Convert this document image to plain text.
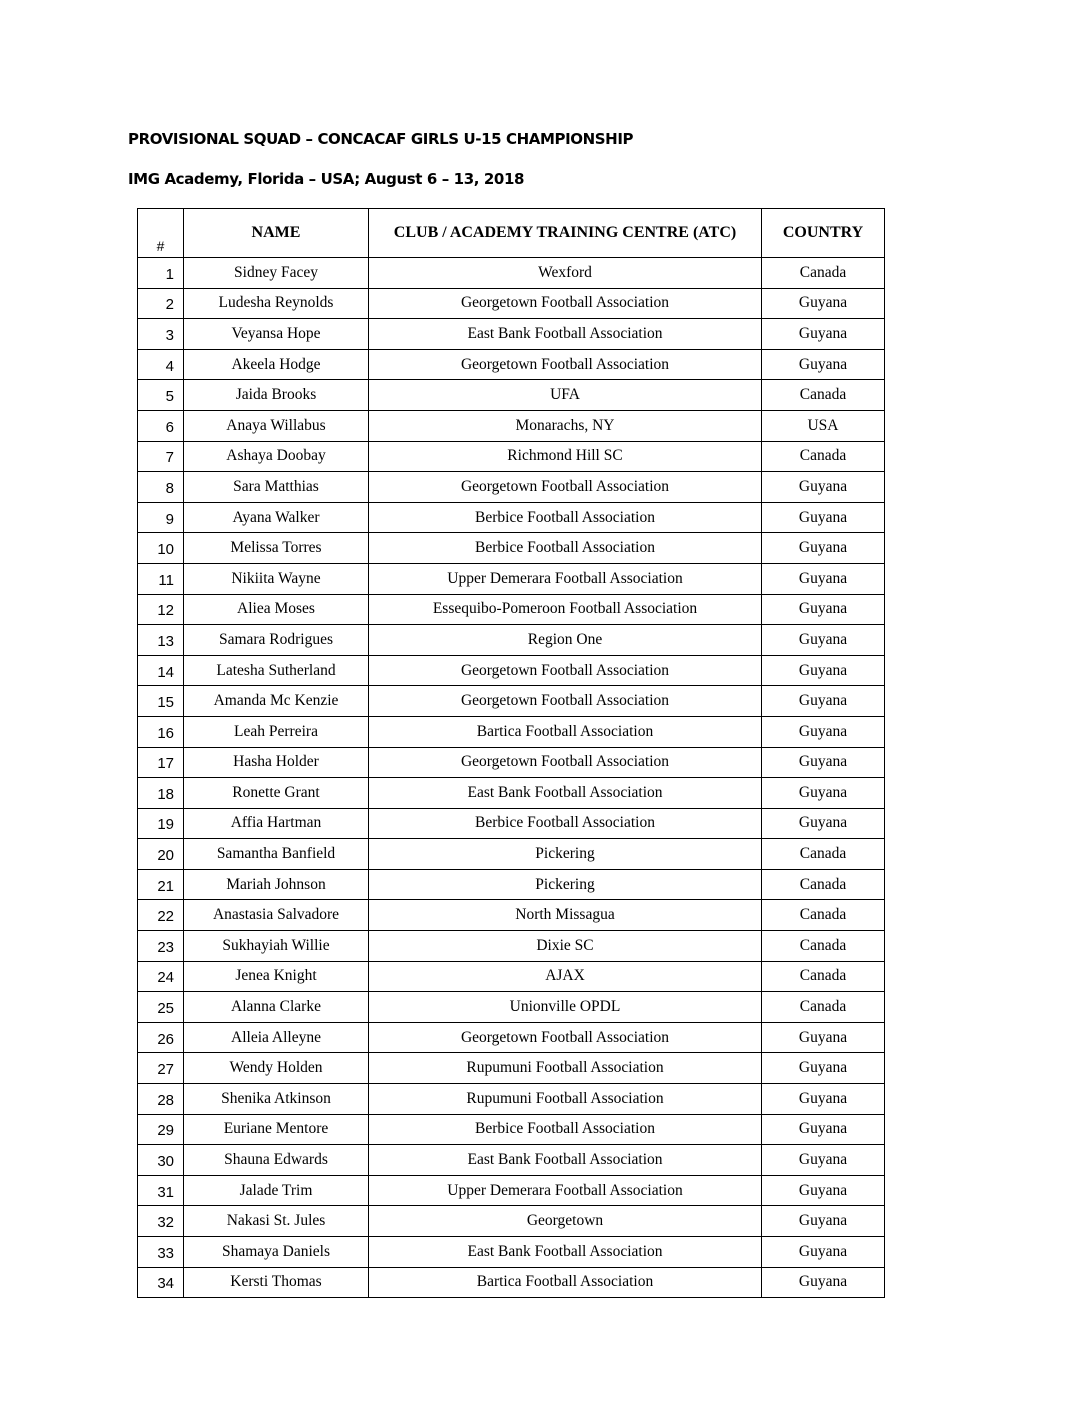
PROVISIONAL SQUAD – CONCACAF GIRLS U-15 CHAMPIONSHIP
IMG Academy, Florida – USA; August 6 – 13, 2018
#	NAME	CLUB / ACADEMY TRAINING CENTRE (ATC)	COUNTRY
1	Sidney Facey	Wexford	Canada
2	Ludesha Reynolds	Georgetown Football Association	Guyana
3	Veyansa Hope	East Bank Football Association	Guyana
4	Akeela Hodge	Georgetown Football Association	Guyana
5	Jaida Brooks	UFA	Canada
6	Anaya Willabus	Monarachs, NY	USA
7	Ashaya Doobay	Richmond Hill SC	Canada
8	Sara Matthias	Georgetown Football Association	Guyana
9	Ayana Walker	Berbice Football Association	Guyana
10	Melissa Torres	Berbice Football Association	Guyana
11	Nikiita Wayne	Upper Demerara Football Association	Guyana
12	Aliea Moses	Essequibo-Pomeroon Football Association	Guyana
13	Samara Rodrigues	Region One	Guyana
14	Latesha Sutherland	Georgetown Football Association	Guyana
15	Amanda Mc Kenzie	Georgetown Football Association	Guyana
16	Leah Perreira	Bartica Football Association	Guyana
17	Hasha Holder	Georgetown Football Association	Guyana
18	Ronette Grant	East Bank Football Association	Guyana
19	Affia Hartman	Berbice Football Association	Guyana
20	Samantha Banfield	Pickering	Canada
21	Mariah Johnson	Pickering	Canada
22	Anastasia Salvadore	North Missagua	Canada
23	Sukhayiah Willie	Dixie SC	Canada
24	Jenea Knight	AJAX	Canada
25	Alanna Clarke	Unionville OPDL	Canada
26	Alleia Alleyne	Georgetown Football Association	Guyana
27	Wendy Holden	Rupumuni Football Association	Guyana
28	Shenika Atkinson	Rupumuni Football Association	Guyana
29	Euriane Mentore	Berbice Football Association	Guyana
30	Shauna Edwards	East Bank Football Association	Guyana
31	Jalade Trim	Upper Demerara Football Association	Guyana
32	Nakasi St. Jules	Georgetown	Guyana
33	Shamaya Daniels	East Bank Football Association	Guyana
34	Kersti Thomas	Bartica Football Association	Guyana
